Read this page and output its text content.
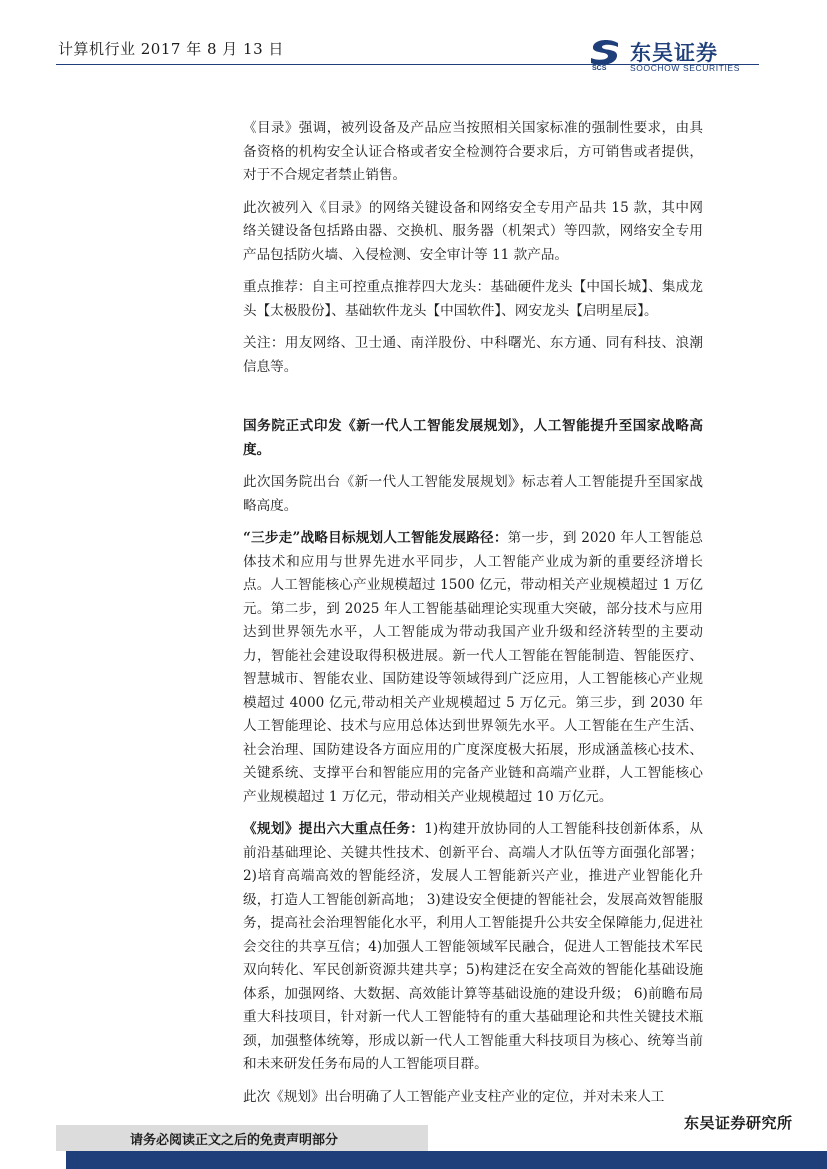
计算机行业 2017 年 8 月 13 日
SCS
东吴证券
SOOCHOW SECURITIES

《目录》强调，被列设备及产品应当按照相关国家标准的强制性要求，由具备资格的机构安全认证合格或者安全检测符合要求后，方可销售或者提供，对于不合规定者禁止销售。

此次被列入《目录》的网络关键设备和网络安全专用产品共 15 款，其中网络关键设备包括路由器、交换机、服务器（机架式）等四款，网络安全专用产品包括防火墙、入侵检测、安全审计等 11 款产品。

重点推荐：自主可控重点推荐四大龙头：基础硬件龙头【中国长城】、集成龙头【太极股份】、基础软件龙头【中国软件】、网安龙头【启明星辰】。

关注：用友网络、卫士通、南洋股份、中科曙光、东方通、同有科技、浪潮信息等。

国务院正式印发《新一代人工智能发展规划》，人工智能提升至国家战略高度。

此次国务院出台《新一代人工智能发展规划》标志着人工智能提升至国家战略高度。

“三步走”战略目标规划人工智能发展路径：第一步，到 2020 年人工智能总体技术和应用与世界先进水平同步，人工智能产业成为新的重要经济增长点。人工智能核心产业规模超过 1500 亿元，带动相关产业规模超过 1 万亿元。第二步，到 2025 年人工智能基础理论实现重大突破，部分技术与应用达到世界领先水平，人工智能成为带动我国产业升级和经济转型的主要动力，智能社会建设取得积极进展。新一代人工智能在智能制造、智能医疗、智慧城市、智能农业、国防建设等领域得到广泛应用，人工智能核心产业规模超过 4000 亿元,带动相关产业规模超过 5 万亿元。第三步，到 2030 年人工智能理论、技术与应用总体达到世界领先水平。人工智能在生产生活、社会治理、国防建设各方面应用的广度深度极大拓展，形成涵盖核心技术、关键系统、支撑平台和智能应用的完备产业链和高端产业群，人工智能核心产业规模超过 1 万亿元，带动相关产业规模超过 10 万亿元。

《规划》提出六大重点任务：1)构建开放协同的人工智能科技创新体系，从前沿基础理论、关键共性技术、创新平台、高端人才队伍等方面强化部署； 2)培育高端高效的智能经济，发展人工智能新兴产业，推进产业智能化升级，打造人工智能创新高地； 3)建设安全便捷的智能社会，发展高效智能服务，提高社会治理智能化水平，利用人工智能提升公共安全保障能力,促进社会交往的共享互信；4)加强人工智能领域军民融合，促进人工智能技术军民双向转化、军民创新资源共建共享；5)构建泛在安全高效的智能化基础设施体系，加强网络、大数据、高效能计算等基础设施的建设升级； 6)前瞻布局重大科技项目，针对新一代人工智能特有的重大基础理论和共性关键技术瓶颈，加强整体统筹，形成以新一代人工智能重大科技项目为核心、统筹当前和未来研发任务布局的人工智能项目群。

此次《规划》出台明确了人工智能产业支柱产业的定位，并对未来人工

东吴证券研究所
请务必阅读正文之后的免责声明部分
